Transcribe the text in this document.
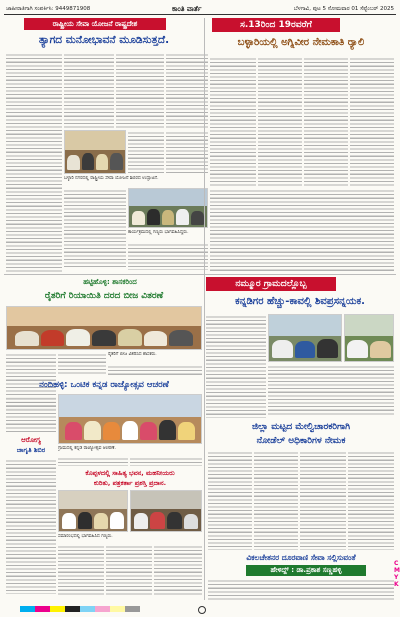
ಜಾಹೀರಾತಿಗಾಗಿ ಸಂಪರ್ಕಿಸಿ: 9449871908	ಕಾಂತಿ ವಾರ್ತೆ	ಬೆಳಗಾವಿ, ಪುಟ 5 ಸೋಮವಾರ 01 ಸೆಪ್ಟೆಂಬರ್ 2025
ರಾಷ್ಟ್ರೀಯ ಸೇವಾ ಯೋಜನೆ ರಾಷ್ಟ್ರದೇಶ
ತ್ಯಾಗದ ಮನೋಭಾವನೆ ಮೂಡಿಸುತ್ತದೆ.
ಬಳ್ಳಾರಿ ನಗರದಲ್ಲಿ ರಾಷ್ಟ್ರೀಯ ಸೇವಾ ಯೋಜನೆ ಶಿಬಿರದ ಉದ್ಘಾಟನೆ.
ಸ.13ರಿಂದ 19ರವರೆಗೆ
ಬಳ್ಳಾರಿಯಲ್ಲಿ ಅಗ್ನಿವೀರ ನೇಮಕಾತಿ ರ್‍ಯಾಲಿ
ಕಾರ್ಯಕ್ರಮದಲ್ಲಿ ಗಣ್ಯರು ಭಾಗವಹಿಸಿದ್ದರು.
ಹಟ್ಟಿಹೊಳ್ಳಿ: ಶಾಸಕರಿಂದ
ರೈತರಿಗೆ ರಿಯಾಯಿತಿ ದರದ ಬೀಜ ವಿತರಣೆ
ರೈತರಿಗೆ ಬೀಜ ವಿತರಿಸಿದ ಶಾಸಕರು.
ನಮ್ಮೂರ ಗ್ರಾಮದಲ್ಲೊಬ್ಬ
ಕನ್ನಡಿಗರ ಹೆಚ್ಚು-ಕಾವಲ್ಲಿ ಶಿವಪ್ರಸನ್ನಯಕ.
ನಂದಿಹಳ್ಳಿ: ಒಂಟಿಕ ಕನ್ನಡ ರಾಜ್ಯೋತ್ಸವ ಆಚರಣೆ
ಗ್ರಾಮದಲ್ಲಿ ಕನ್ನಡ ರಾಜ್ಯೋತ್ಸವ ಆಚರಣೆ.
ಜಿಲ್ಲಾ ಮಟ್ಟದ ಮೇಲ್ವಿಚಾರಕರಿಗಾಗಿ
ನೋಡೆಲ್ ಅಧಿಕಾರಿಗಳ ನೇಮಕ
ಆರೋಗ್ಯ
ಜಾಗೃತಿ ಶಿಬಿರ
ಕೊಪ್ಪಳದಲ್ಲಿ ಸಾಹಿತ್ಯ ಭವನ, ಮಹನೀಯರು
ಕುರಿತು, ಪತ್ರಕರ್ತಾ ಪ್ರಶಸ್ತಿ ಪ್ರದಾನ.
ಸಮಾರಂಭದಲ್ಲಿ ಭಾಗವಹಿಸಿದ ಗಣ್ಯರು.
ವಿಕಲಚೇತನರ ದೂರವಾಣಿ ಸೇವಾ ಸಲ್ಲಿಸುವಂತೆ
ಹೇಳಿದ್ದ್ : ಡಾ.ಪ್ರಕಾಶ ಸಣ್ಣಹಳ್ಳಿ
C M Y K
